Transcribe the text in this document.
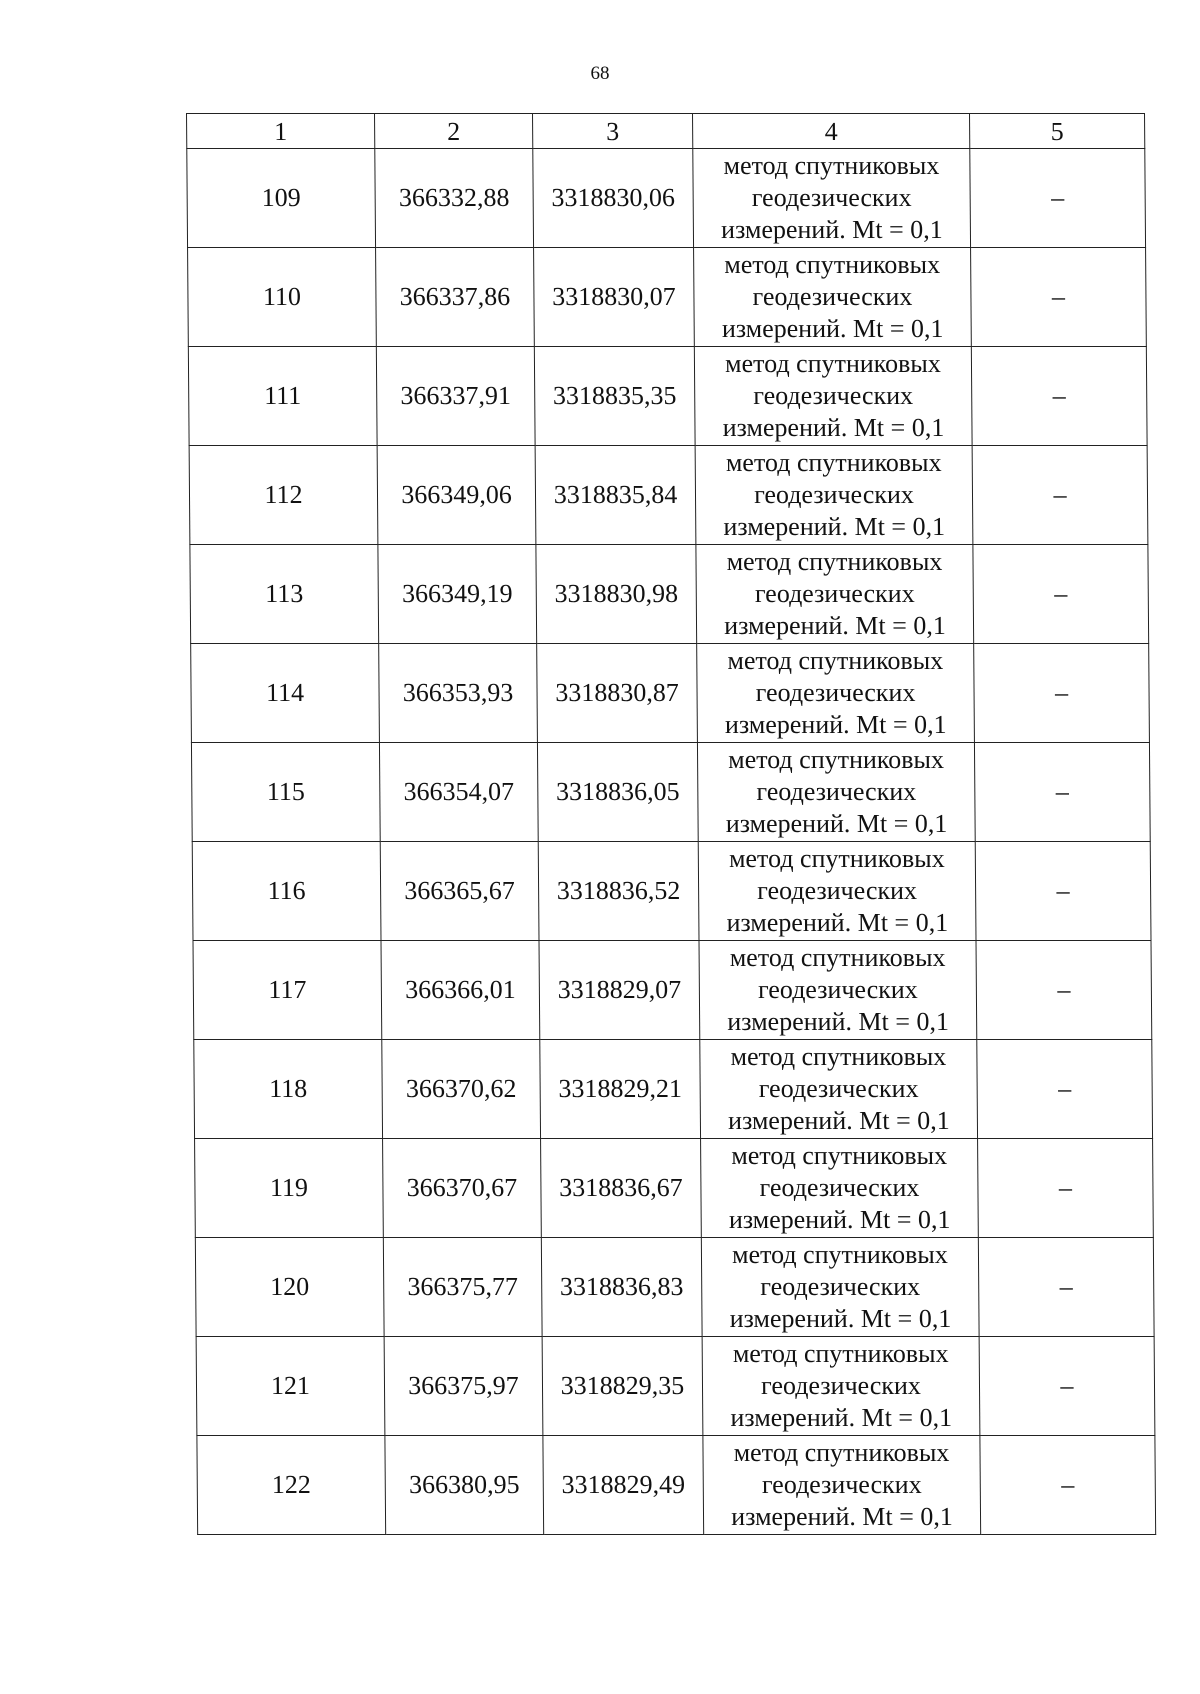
68
1	2	3	4	5
109	366332,88	3318830,06	метод спутниковых
геодезических
измерений. Mt = 0,1	–
110	366337,86	3318830,07	метод спутниковых
геодезических
измерений. Mt = 0,1	–
111	366337,91	3318835,35	метод спутниковых
геодезических
измерений. Mt = 0,1	–
112	366349,06	3318835,84	метод спутниковых
геодезических
измерений. Mt = 0,1	–
113	366349,19	3318830,98	метод спутниковых
геодезических
измерений. Mt = 0,1	–
114	366353,93	3318830,87	метод спутниковых
геодезических
измерений. Mt = 0,1	–
115	366354,07	3318836,05	метод спутниковых
геодезических
измерений. Mt = 0,1	–
116	366365,67	3318836,52	метод спутниковых
геодезических
измерений. Mt = 0,1	–
117	366366,01	3318829,07	метод спутниковых
геодезических
измерений. Mt = 0,1	–
118	366370,62	3318829,21	метод спутниковых
геодезических
измерений. Mt = 0,1	–
119	366370,67	3318836,67	метод спутниковых
геодезических
измерений. Mt = 0,1	–
120	366375,77	3318836,83	метод спутниковых
геодезических
измерений. Mt = 0,1	–
121	366375,97	3318829,35	метод спутниковых
геодезических
измерений. Mt = 0,1	–
122	366380,95	3318829,49	метод спутниковых
геодезических
измерений. Mt = 0,1	–
